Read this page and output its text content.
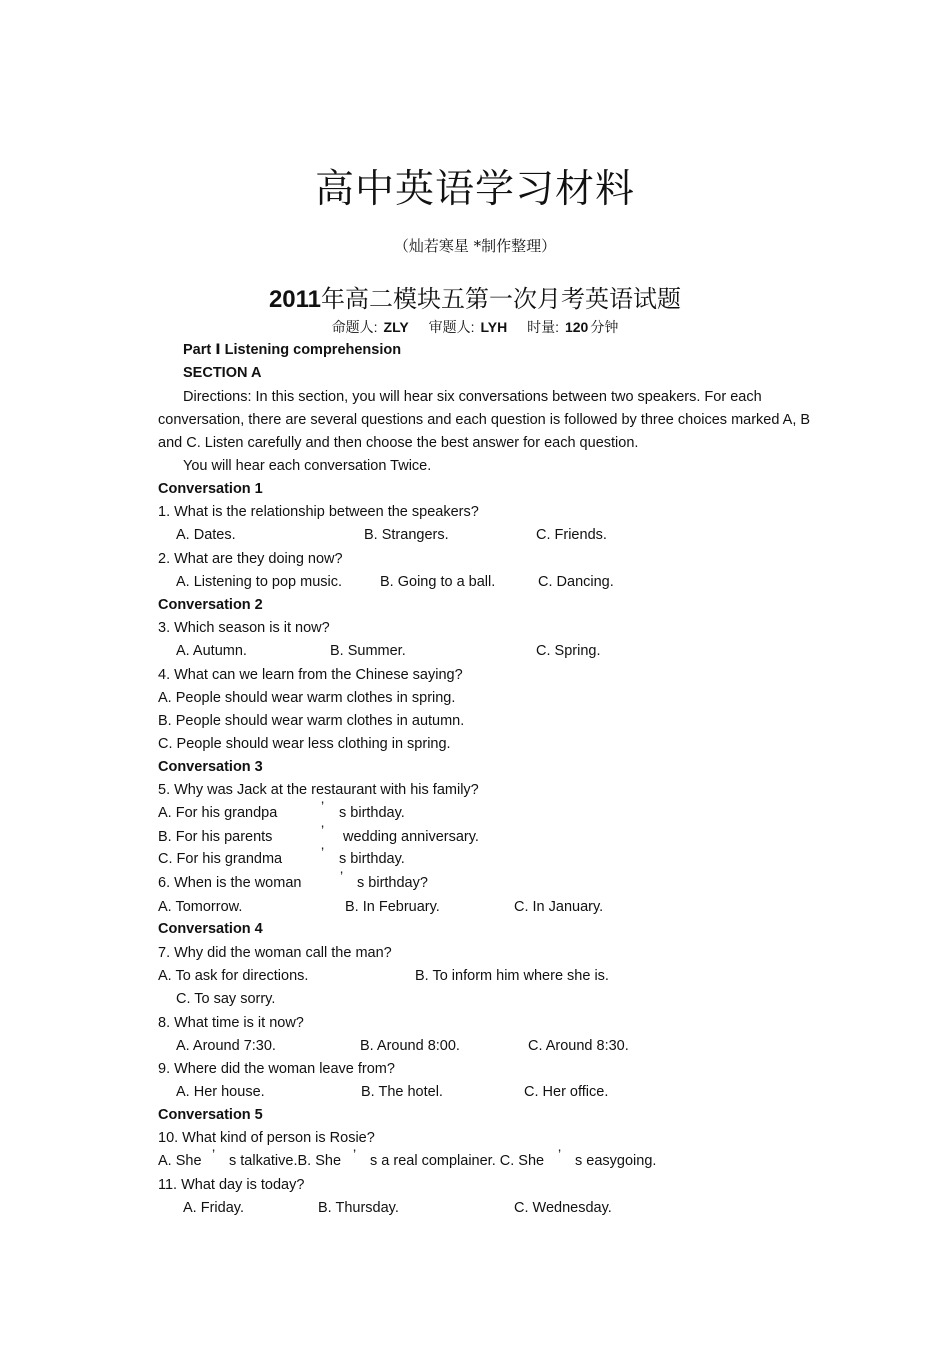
高中英语学习材料
（灿若寒星 *制作整理）
2011年高二模块五第一次月考英语试题
命题人: ZLY 审题人: LYH 时量: 120 分钟
Part Ⅰ Listening comprehension
SECTION A
Directions: In this section, you will hear six conversations between two speakers. For each conversation, there are several questions and each question is followed by three choices marked A, B and C. Listen carefully and then choose the best answer for each question.
You will hear each conversation Twice.
Conversation 1
1. What is the relationship between the speakers?
A. Dates.	B. Strangers.	C. Friends.
2. What are they doing now?
A. Listening to pop music.	B. Going to a ball.	C. Dancing.
Conversation 2
3. Which season is it now?
A. Autumn.	B. Summer.	C. Spring.
4. What can we learn from the Chinese saying?
A. People should wear warm clothes in spring.
B. People should wear warm clothes in autumn.
C. People should wear less clothing in spring.
Conversation 3
5. Why was Jack at the restaurant with his family?
A. For his grandpa	’ s birthday.
B. For his parents	’ wedding anniversary.
C. For his grandma	’ s birthday.
6. When is the woman	’ s birthday?
A. Tomorrow.	B. In February.	C. In January.
Conversation 4
7. Why did the woman call the man?
A. To ask for directions.	B. To inform him where she is.
C. To say sorry.
8. What time is it now?
A. Around 7:30.	B. Around 8:00.	C. Around 8:30.
9. Where did the woman leave from?
A. Her house.	B. The hotel.	C. Her office.
Conversation 5
10. What kind of person is Rosie?
A. She ’ s talkative.B. She ’ s a real complainer. C. She ’ s easygoing.
11. What day is today?
A. Friday.	B. Thursday.	C. Wednesday.
